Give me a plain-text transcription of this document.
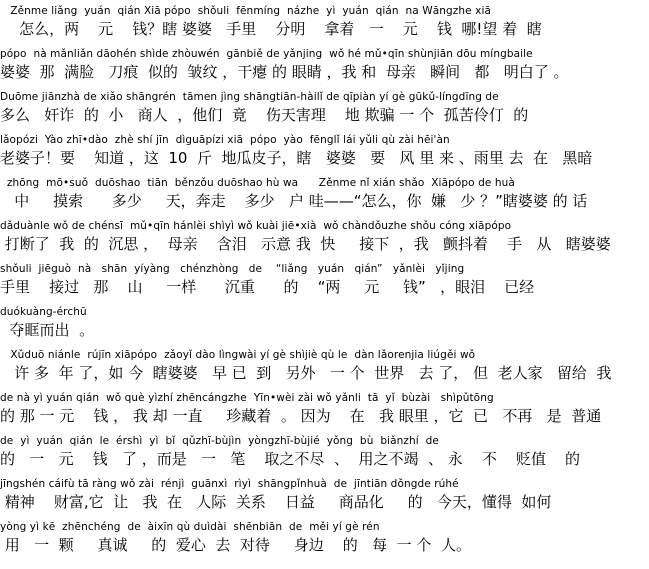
Zěnme liǎng  yuán  qián Xiā pópo  shǒuli  fēnmíng  názhe  yì  yuán  qián  na Wāngzhe xiā
怎么，两    元    钱？瞎 婆婆   手里    分明    拿着   一    元    钱  哪!望 着  瞎
pópo  nà mǎnliǎn dāohén shìde zhòuwén  gānbiě de yǎnjing  wǒ hé mǔ•qīn shùnjiān dōu míngbaile
婆婆  那  满脸   刀痕  似的  皱纹 ，干瘪 的 眼睛 ，我 和  母亲   瞬间   都   明白了 。
Duōme jiānzhà de xiǎo shāngrén  tāmen jìng shāngtiān-hàilǐ de qīpiàn yí gè gūkǔ-língdīng de
多么   奸诈  的  小   商人  ，他们  竟    伤天害理    地 欺骗 一 个  孤苦伶仃  的
lǎopózi  Yào zhī•dào  zhè shí jīn  dìguāpízi xiā  pópo  yào  fēnglǐ lái yǔli qù zài hēi'àn
老婆子！要    知道 ，这  10  斤  地瓜皮子，瞎   婆婆   要   风 里 来 、雨里 去  在   黑暗
zhōng  mō•suǒ  duōshao  tiān  běnzǒu duōshao hù wa      Zěnme nǐ xián shǎo  Xiāpópo de huà
中     摸索      多少     天，奔走    多少   户 哇——“怎么，你  嫌   少 ？”瞎婆婆 的 话
dǎduànle wǒ de chénsī  mǔ•qīn hánlèi shìyì wǒ kuài jiē•xià  wǒ chàndǒuzhe shǒu cóng xiāpópo
打断了  我  的  沉思 ，  母亲    含泪   示意 我  快     接下  ，我   颤抖着    手   从   瞎婆婆
shǒuli  jiēguò  nà   shān  yíyàng   chénzhòng   de    “liǎng   yuán   qián”   yǎnlèi   yǐjing
手里    接过   那    山     一样      沉重      的    “两     元     钱”   ，眼泪    已经
duókuàng-érchū
夺眶而出  。
Xǔduō niánle  rújīn xiāpópo  zǎoyǐ dào lìngwài yí gè shìjiè qù le  dàn lǎorenjia liúgěi wǒ
许 多  年 了，如 今  瞎婆婆   早 已  到   另外   一 个  世界   去 了， 但  老人家   留给  我
de nà yì yuán qián  wǒ què yìzhí zhēncángzhe  Yīn•wèi zài wǒ yǎnli  tā  yǐ  bùzài   shìpǔtōng
的 那 一 元    钱 ， 我 却 一直     珍藏着  。 因为    在   我 眼里 ，它  已   不再   是  普通
de  yì  yuán  qián  le  érshì  yì  bǐ  qǔzhī-bùjìn  yòngzhī-bùjié  yǒng  bù  biǎnzhí  de
的   一   元    钱   了 ，而是   一   笔    取之不尽  、  用之不竭  、 永    不    贬值    的
jīngshén cáifù tā ràng wǒ zài  rénjì  guānxì  rìyì  shāngpǐnhuà  de  jīntiān dǒngde rúhé
精神    财富,它  让   我  在   人际  关系    日益     商品化     的   今天，懂得  如何
yòng yì kē  zhēnchéng  de  àixīn qù duìdài  shēnbiān  de  měi yí gè rén
用   一  颗     真诚     的  爱心  去  对待     身边    的   每  一 个  人。
